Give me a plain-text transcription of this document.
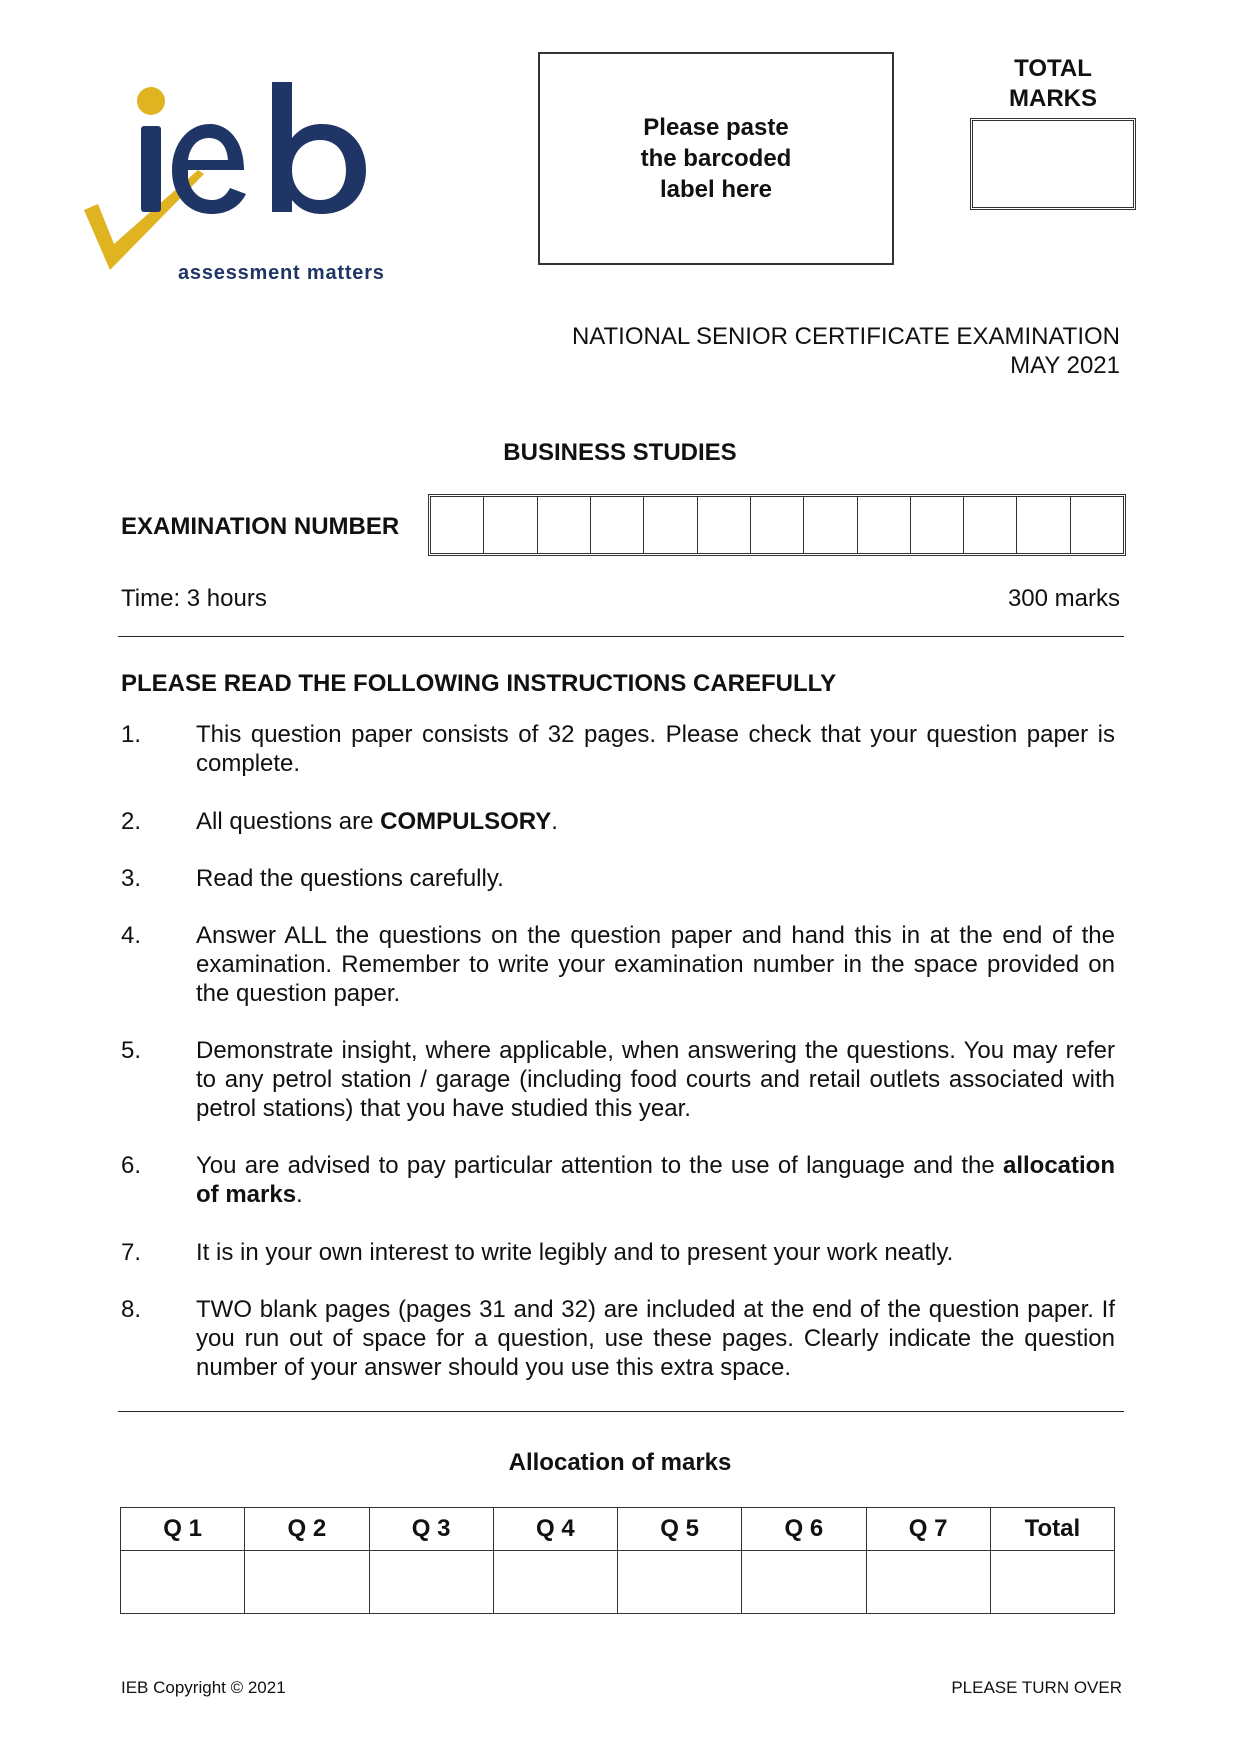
assessment matters
Please paste
the barcoded
label here
TOTAL
MARKS
NATIONAL SENIOR CERTIFICATE EXAMINATION
MAY 2021
BUSINESS STUDIES
EXAMINATION NUMBER
Time: 3 hours	300 marks
PLEASE READ THE FOLLOWING INSTRUCTIONS CAREFULLY
1. This question paper consists of 32 pages. Please check that your question paper is complete.
2. All questions are COMPULSORY.
3. Read the questions carefully.
4. Answer ALL the questions on the question paper and hand this in at the end of the examination. Remember to write your examination number in the space provided on the question paper.
5. Demonstrate insight, where applicable, when answering the questions. You may refer to any petrol station / garage (including food courts and retail outlets associated with petrol stations) that you have studied this year.
6. You are advised to pay particular attention to the use of language and the allocation of marks.
7. It is in your own interest to write legibly and to present your work neatly.
8. TWO blank pages (pages 31 and 32) are included at the end of the question paper. If you run out of space for a question, use these pages. Clearly indicate the question number of your answer should you use this extra space.
Allocation of marks
Q 1	Q 2	Q 3	Q 4	Q 5	Q 6	Q 7	Total

IEB Copyright © 2021	PLEASE TURN OVER
